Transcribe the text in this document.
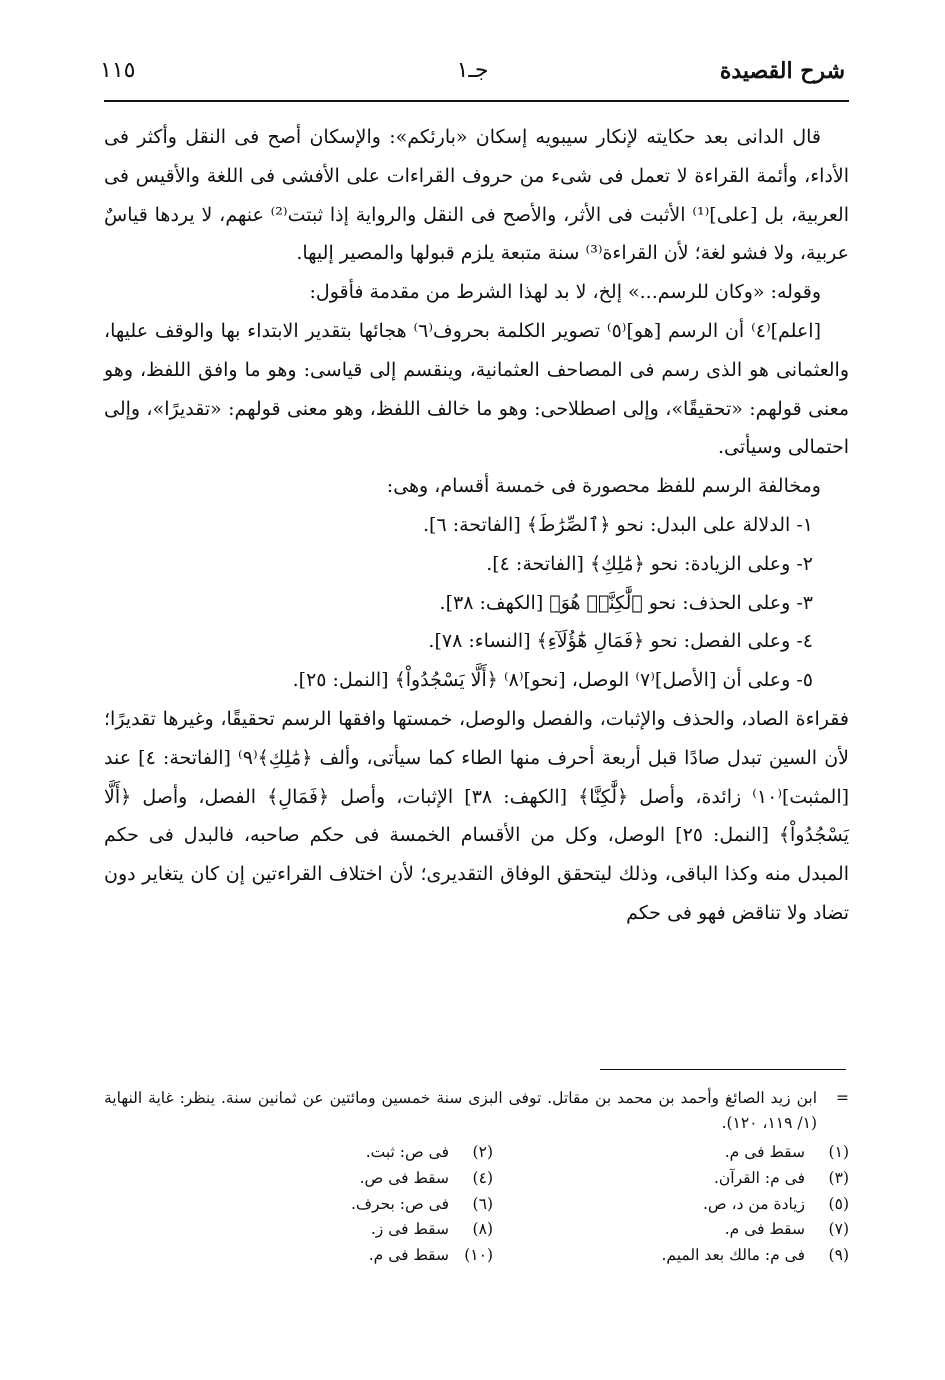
شرح القصيدة
جـ١
١١٥

قال الدانى بعد حكايته لإنكار سيبويه إسكان «بارئكم»: والإسكان أصح فى النقل وأكثر فى الأداء، وأئمة القراءة لا تعمل فى شىء من حروف القراءات على الأفشى فى اللغة والأقيس فى العربية، بل [على]⁽¹⁾ الأثبت فى الأثر، والأصح فى النقل والرواية إذا ثبتت⁽²⁾ عنهم، لا يردها قياسٌ عربية، ولا فشو لغة؛ لأن القراءة⁽³⁾ سنة متبعة يلزم قبولها والمصير إليها.

وقوله: «وكان للرسم...» إلخ، لا بد لهذا الشرط من مقدمة فأقول:

[اعلم]⁽٤⁾ أن الرسم [هو]⁽٥⁾ تصوير الكلمة بحروف⁽٦⁾ هجائها بتقدير الابتداء بها والوقف عليها، والعثمانى هو الذى رسم فى المصاحف العثمانية، وينقسم إلى قياسى: وهو ما وافق اللفظ، وهو معنى قولهم: «تحقيقًا»، وإلى اصطلاحى: وهو ما خالف اللفظ، وهو معنى قولهم: «تقديرًا»، وإلى احتمالى وسيأتى.

ومخالفة الرسم للفظ محصورة فى خمسة أقسام، وهى:

١- الدلالة على البدل: نحو ﴿ٱلصِّرَٰطَ﴾ [الفاتحة: ٦].

٢- وعلى الزيادة: نحو ﴿مَٰلِكِ﴾ [الفاتحة: ٤].

٣- وعلى الحذف: نحو ﴿لَّٰكِنَّا۠ هُوَ﴾ [الكهف: ٣٨].

٤- وعلى الفصل: نحو ﴿فَمَالِ هَٰٓؤُلَآءِ﴾ [النساء: ٧٨].

٥- وعلى أن [الأصل]⁽٧⁾ الوصل، [نحو]⁽٨⁾ ﴿أَلَّا يَسْجُدُواْ﴾ [النمل: ٢٥].

فقراءة الصاد، والحذف والإثبات، والفصل والوصل، خمستها وافقها الرسم تحقيقًا، وغيرها تقديرًا؛ لأن السين تبدل صادًا قبل أربعة أحرف منها الطاء كما سيأتى، وألف ﴿مَٰلِكِ﴾⁽٩⁾ [الفاتحة: ٤] عند [المثبت]⁽١٠⁾ زائدة، وأصل ﴿لَّٰكِنَّا﴾ [الكهف: ٣٨] الإثبات، وأصل ﴿فَمَالِ﴾ الفصل، وأصل ﴿أَلَّا يَسْجُدُواْ﴾ [النمل: ٢٥] الوصل، وكل من الأقسام الخمسة فى حكم صاحبه، فالبدل فى حكم المبدل منه وكذا الباقى، وذلك ليتحقق الوفاق التقديرى؛ لأن اختلاف القراءتين إن كان يتغاير دون تضاد ولا تناقض فهو فى حكم

=
ابن زيد الصائغ وأحمد بن محمد بن مقاتل. توفى البزى سنة خمسين ومائتين عن ثمانين سنة. ينظر: غاية النهاية (١/ ١١٩، ١٢٠).
(١)سقط فى م.
(٢)فى ص: ثبت.
(٣)فى م: القرآن.
(٤)سقط فى ص.
(٥)زيادة من د، ص.
(٦)فى ص: بحرف.
(٧)سقط فى م.
(٨)سقط فى ز.
(٩)فى م: مالك بعد الميم.
(١٠)سقط فى م.
